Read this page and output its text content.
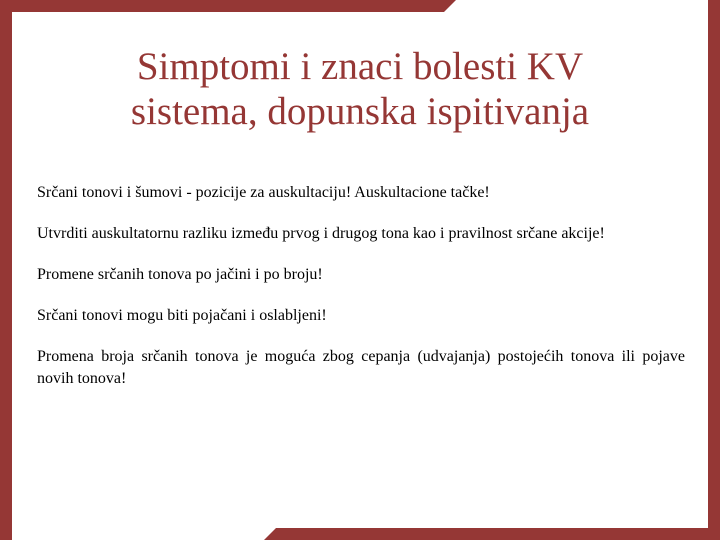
Simptomi i znaci bolesti KV
sistema, dopunska ispitivanja

Srčani tonovi i šumovi - pozicije za auskultaciju! Auskultacione tačke!

Utvrditi auskultatornu razliku između prvog i drugog tona kao i pravilnost srčane akcije!

Promene srčanih tonova po jačini i po broju!

Srčani tonovi mogu biti pojačani i oslabljeni!

Promena broja srčanih tonova je moguća zbog cepanja (udvajanja) postojećih tonova ili pojave novih tonova!
